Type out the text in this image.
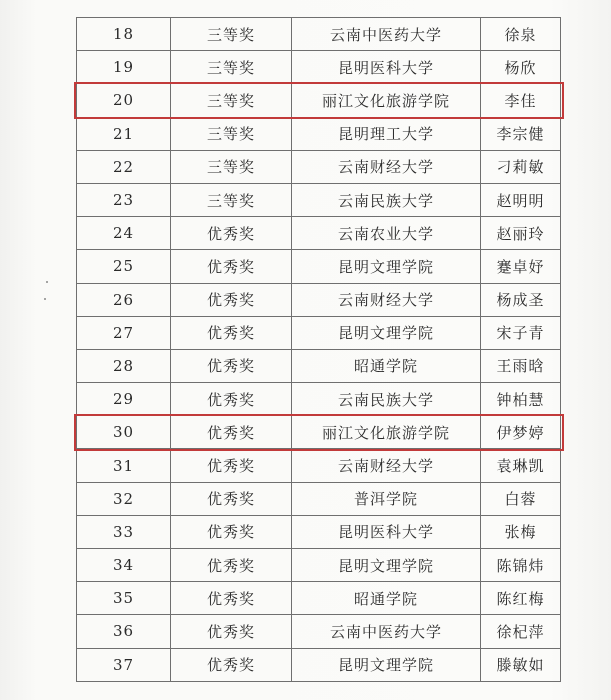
18	三等奖	云南中医药大学	徐泉
19	三等奖	昆明医科大学	杨欣
20	三等奖	丽江文化旅游学院	李佳
21	三等奖	昆明理工大学	李宗健
22	三等奖	云南财经大学	刁莉敏
23	三等奖	云南民族大学	赵明明
24	优秀奖	云南农业大学	赵丽玲
25	优秀奖	昆明文理学院	蹇卓妤
26	优秀奖	云南财经大学	杨成圣
27	优秀奖	昆明文理学院	宋子青
28	优秀奖	昭通学院	王雨晗
29	优秀奖	云南民族大学	钟柏慧
30	优秀奖	丽江文化旅游学院	伊梦婷
31	优秀奖	云南财经大学	袁琳凯
32	优秀奖	普洱学院	白蓉
33	优秀奖	昆明医科大学	张梅
34	优秀奖	昆明文理学院	陈锦炜
35	优秀奖	昭通学院	陈红梅
36	优秀奖	云南中医药大学	徐杞萍
37	优秀奖	昆明文理学院	滕敏如
